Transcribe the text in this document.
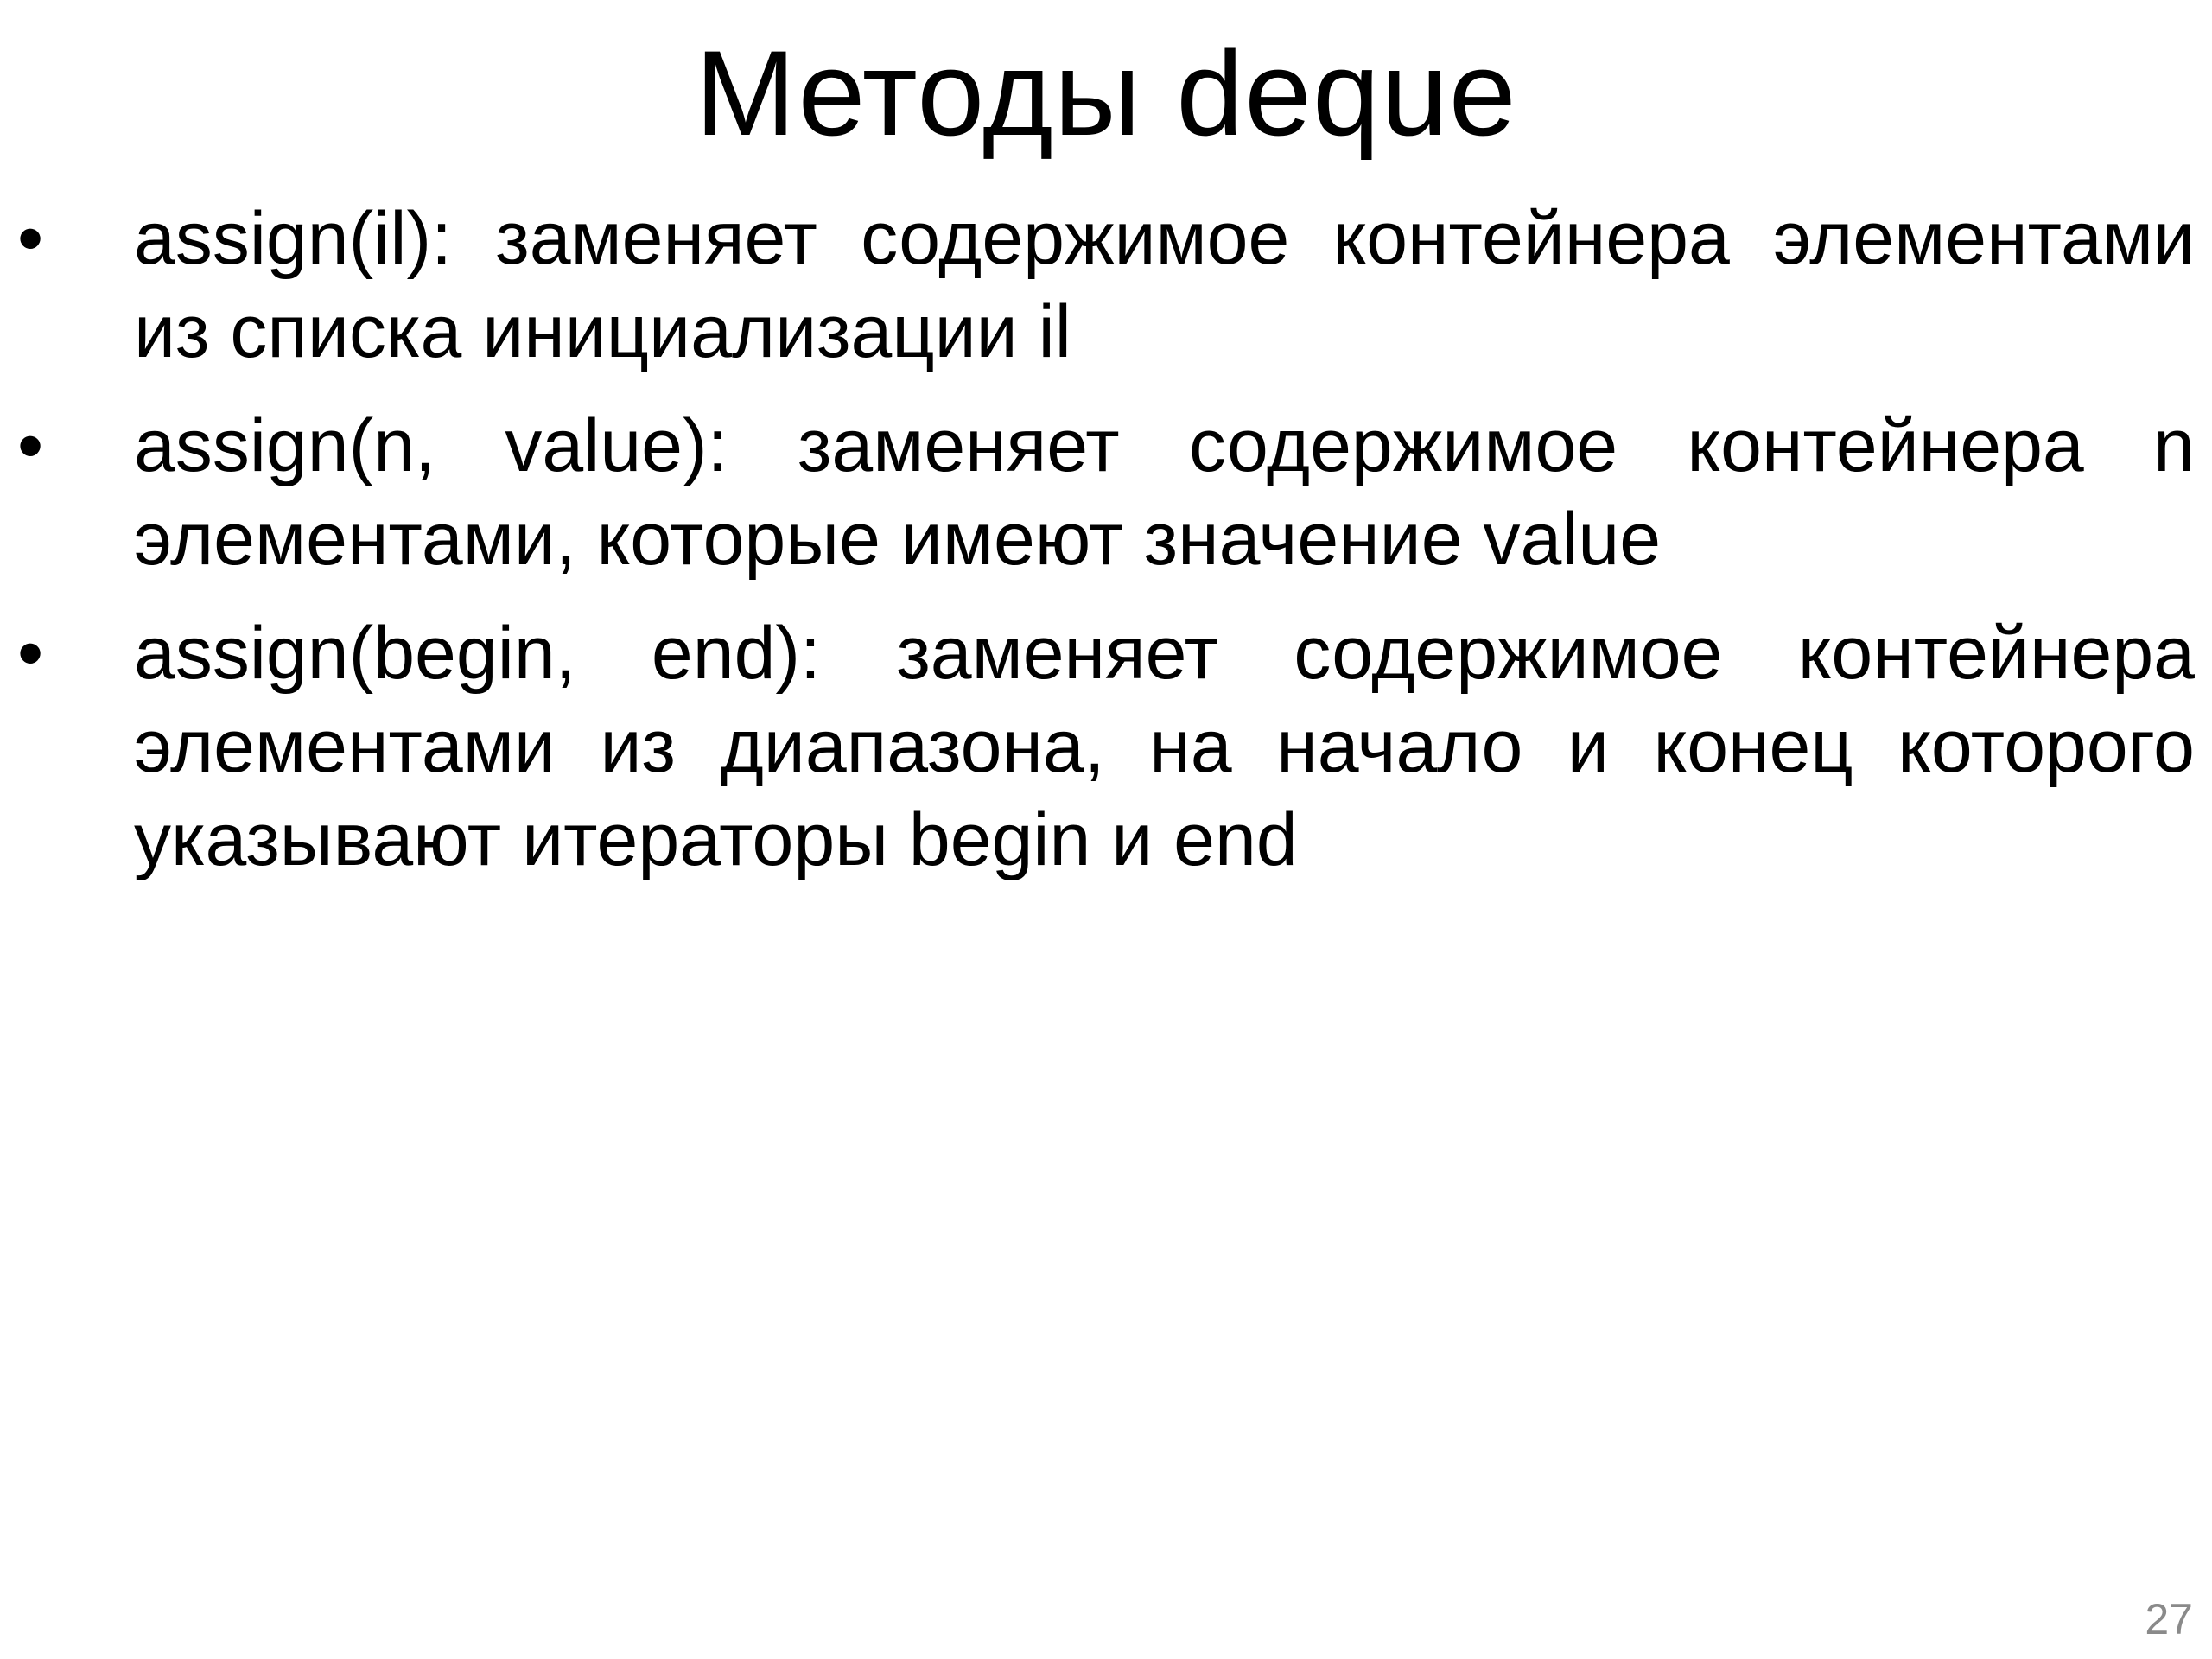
Методы deque
•	assign(il): заменяет содержимое контейнера элементами из списка инициализации il
•	assign(n, value): заменяет содержимое контейнера n элементами, которые имеют значение value
•	assign(begin, end): заменяет содержимое контейнера элементами из диапазона, на начало и конец которого указывают итераторы begin и end
27
